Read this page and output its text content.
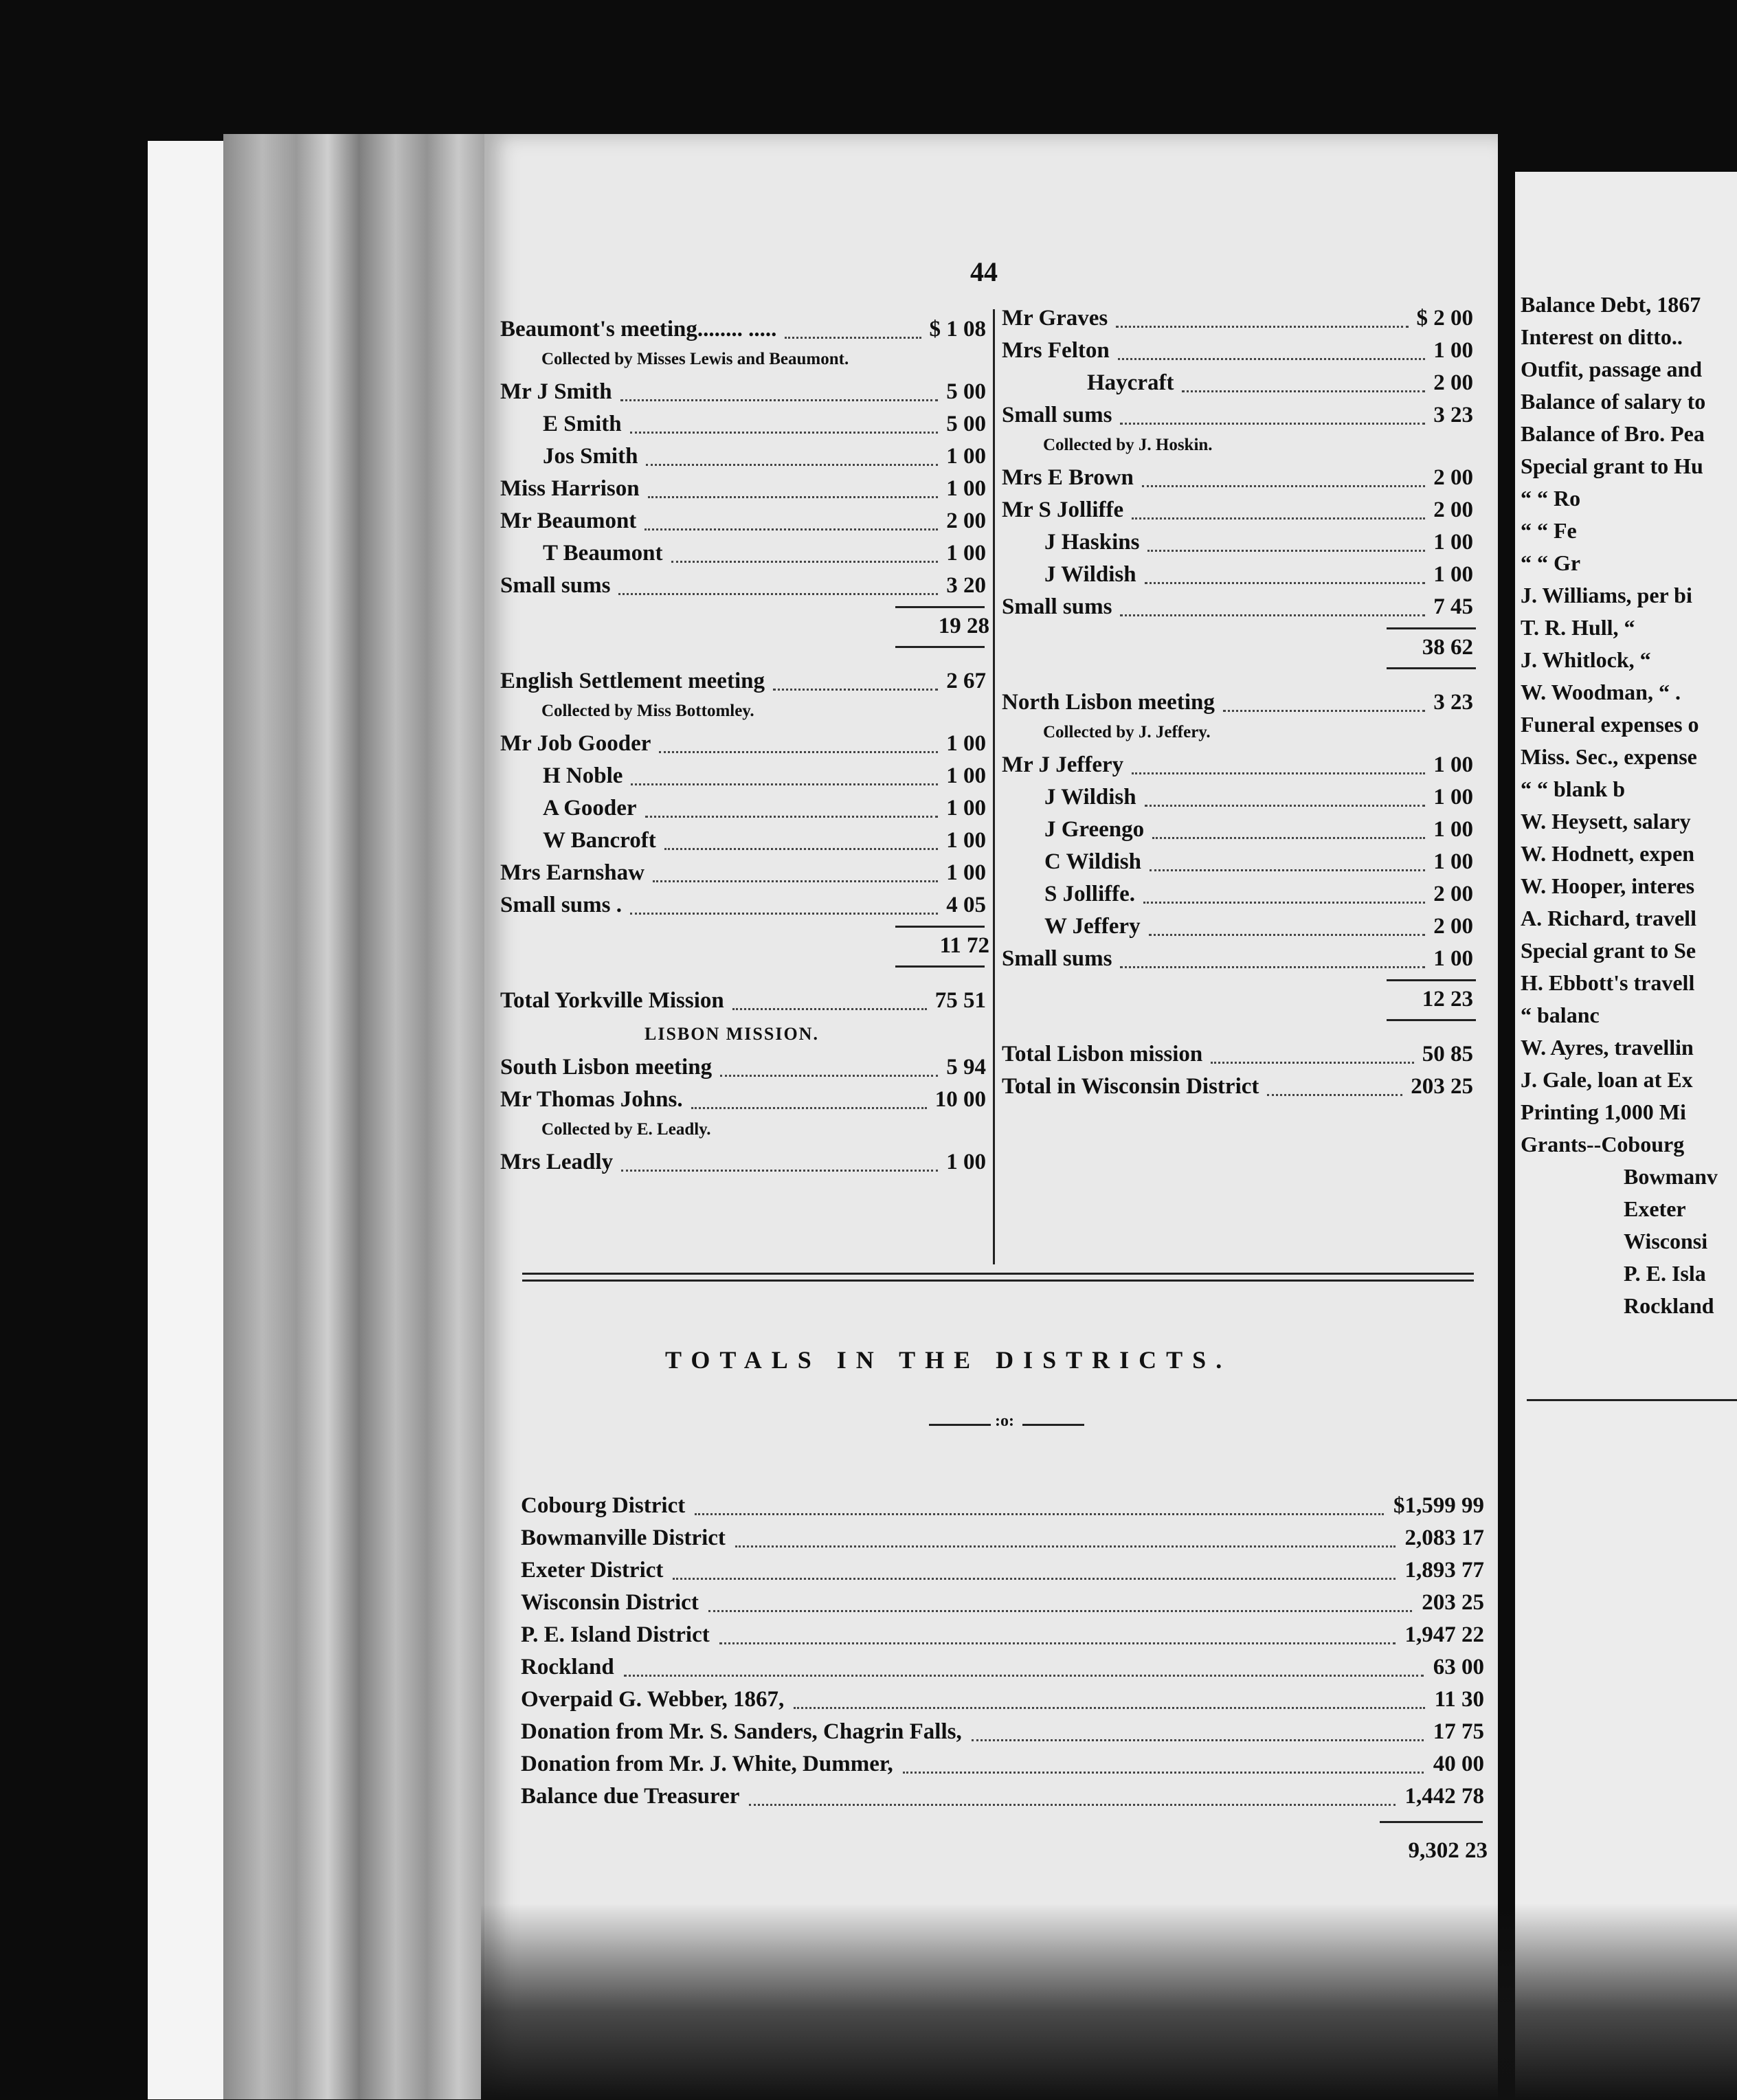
44
Beaumont's meeting........ .....	$ 1 08
Collected by Misses Lewis and Beaumont.
Mr J Smith	5 00
E Smith	5 00
Jos Smith	1 00
Miss Harrison	1 00
Mr Beaumont	2 00
T Beaumont	1 00
Small sums	3 20
19 28
English Settlement meeting	2 67
Collected by Miss Bottomley.
Mr Job Gooder	1 00
H Noble	1 00
A Gooder	1 00
W Bancroft	1 00
Mrs Earnshaw	1 00
Small sums .	4 05
11 72
Total Yorkville Mission	75 51
LISBON MISSION.
South Lisbon meeting	5 94
Mr Thomas Johns.	10 00
Collected by E. Leadly.
Mrs Leadly	1 00
Mr Graves	$ 2 00
Mrs Felton	1 00
Haycraft	2 00
Small sums	3 23
Collected by J. Hoskin.
Mrs E Brown	2 00
Mr S Jolliffe	2 00
J Haskins	1 00
J Wildish	1 00
Small sums	7 45
38 62
North Lisbon meeting	3 23
Collected by J. Jeffery.
Mr J Jeffery	1 00
J Wildish	1 00
J Greengo	1 00
C Wildish	1 00
S Jolliffe.	2 00
W Jeffery	2 00
Small sums	1 00
12 23
Total Lisbon mission	50 85
Total in Wisconsin District	203 25
TOTALS IN THE DISTRICTS.
:o:
Cobourg District	$1,599 99
Bowmanville District	2,083 17
Exeter District	1,893 77
Wisconsin District	203 25
P. E. Island District	1,947 22
Rockland	63 00
Overpaid G. Webber, 1867,	11 30
Donation from Mr. S. Sanders, Chagrin Falls,	17 75
Donation from Mr. J. White, Dummer,	40 00
Balance due Treasurer	1,442 78
9,302 23
Balance Debt, 1867
Interest on ditto..
Outfit, passage and
Balance of salary to
Balance of Bro. Pea
Special grant to Hu
“ “ Ro
“ “ Fe
“ “ Gr
J. Williams, per bi
T. R. Hull, “
J. Whitlock, “
W. Woodman, “ .
Funeral expenses o
Miss. Sec., expense
“ “ blank b
W. Heysett, salary
W. Hodnett, expen
W. Hooper, interes
A. Richard, travell
Special grant to Se
H. Ebbott's travell
“ balanc
W. Ayres, travellin
J. Gale, loan at Ex
Printing 1,000 Mi
Grants--Cobourg
Bowmanv
Exeter
Wisconsi
P. E. Isla
Rockland
